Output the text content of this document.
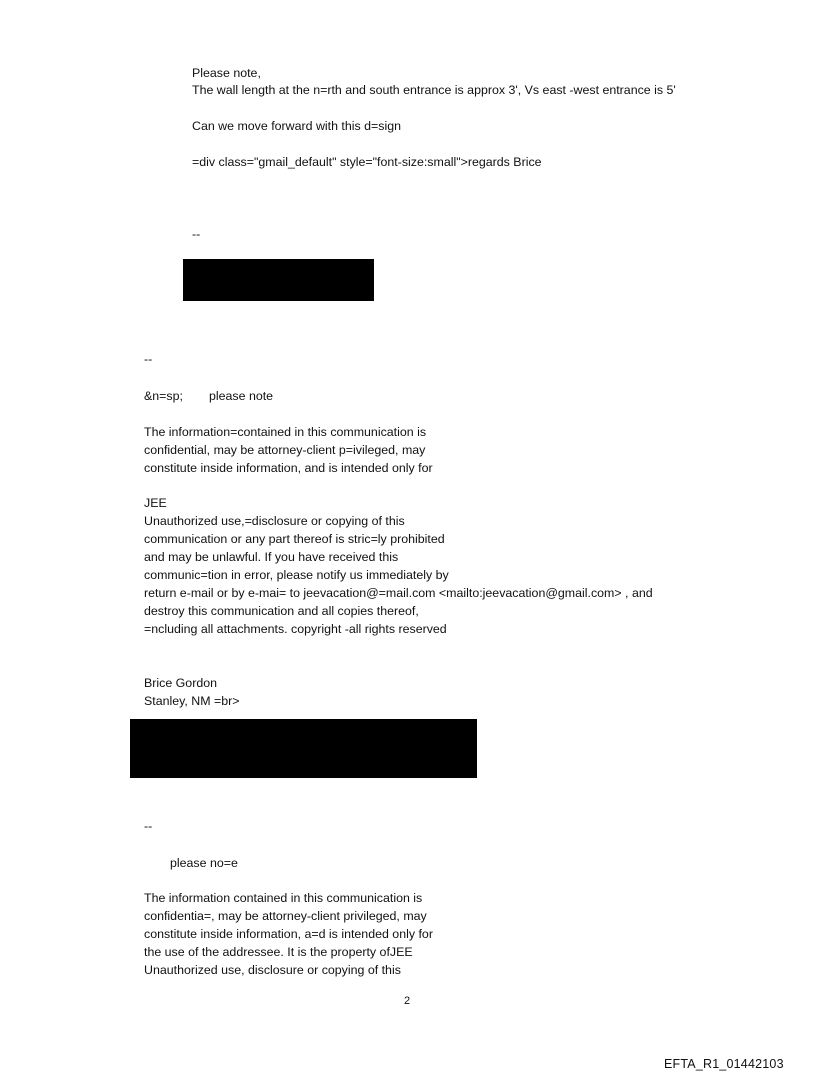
Please note,
The wall length at the n=rth and south entrance is approx 3', Vs east -west entrance is 5'
Can we move forward with this d=sign
=div class="gmail_default" style="font-size:small">regards Brice
--
--
&n=sp; please note
The information=contained in this communication is
confidential, may be attorney-client p=ivileged, may
constitute inside information, and is intended only for
JEE
Unauthorized use,=disclosure or copying of this
communication or any part thereof is stric=ly prohibited
and may be unlawful. If you have received this
communic=tion in error, please notify us immediately by
return e-mail or by e-mai= to jeevacation@=mail.com <mailto:jeevacation@gmail.com> , and
destroy this communication and all copies thereof,
=ncluding all attachments. copyright -all rights reserved
Brice Gordon
Stanley, NM =br>
--
please no=e
The information contained in this communication is
confidentia=, may be attorney-client privileged, may
constitute inside information, a=d is intended only for
the use of the addressee. It is the property ofJEE
Unauthorized use, disclosure or copying of this
2
EFTA_R1_01442103
